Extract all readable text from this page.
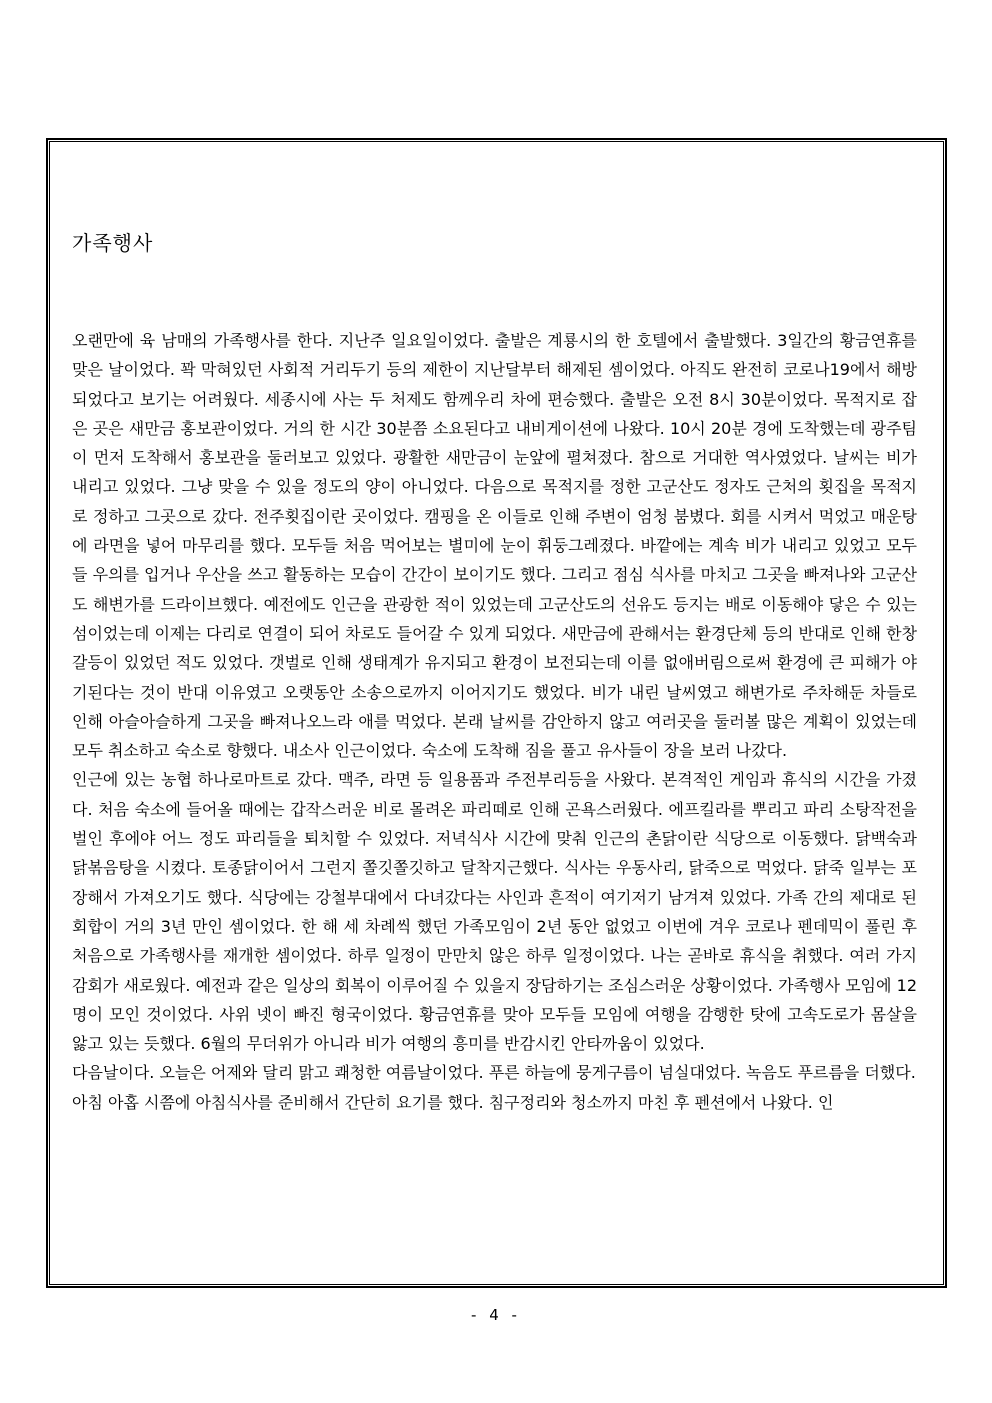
가족행사

오랜만에 육 남매의 가족행사를 한다. 지난주 일요일이었다. 출발은 계룡시의 한 호텔에서 출발했다. 3일간의 황금연휴를 맞은 날이었다. 꽉 막혀있던 사회적 거리두기 등의 제한이 지난달부터 해제된 셈이었다. 아직도 완전히 코로나19에서 해방되었다고 보기는 어려웠다. 세종시에 사는 두 처제도 함께우리 차에 편승했다. 출발은 오전 8시 30분이었다. 목적지로 잡은 곳은 새만금 홍보관이었다. 거의 한 시간 30분쯤 소요된다고 내비게이션에 나왔다. 10시 20분 경에 도착했는데 광주팀이 먼저 도착해서 홍보관을 둘러보고 있었다. 광활한 새만금이 눈앞에 펼쳐졌다. 참으로 거대한 역사였었다. 날씨는 비가 내리고 있었다. 그냥 맞을 수 있을 정도의 양이 아니었다. 다음으로 목적지를 정한 고군산도 정자도 근처의 횟집을 목적지로 정하고 그곳으로 갔다. 전주횟집이란 곳이었다. 캠핑을 온 이들로 인해 주변이 엄청 붐볐다. 회를 시켜서 먹었고 매운탕에 라면을 넣어 마무리를 했다. 모두들 처음 먹어보는 별미에 눈이 휘둥그레졌다. 바깥에는 계속 비가 내리고 있었고 모두들 우의를 입거나 우산을 쓰고 활동하는 모습이 간간이 보이기도 했다. 그리고 점심 식사를 마치고 그곳을 빠져나와 고군산도 해변가를 드라이브했다. 예전에도 인근을 관광한 적이 있었는데 고군산도의 선유도 등지는 배로 이동해야 닿은 수 있는 섬이었는데 이제는 다리로 연결이 되어 차로도 들어갈 수 있게 되었다. 새만금에 관해서는 환경단체 등의 반대로 인해 한창 갈등이 있었던 적도 있었다. 갯벌로 인해 생태계가 유지되고 환경이 보전되는데 이를 없애버림으로써 환경에 큰 피해가 야기된다는 것이 반대 이유였고 오랫동안 소송으로까지 이어지기도 했었다. 비가 내린 날씨였고 해변가로 주차해둔 차들로 인해 아슬아슬하게 그곳을 빠져나오느라 애를 먹었다. 본래 날씨를 감안하지 않고 여러곳을 둘러볼 많은 계획이 있었는데 모두 취소하고 숙소로 향했다. 내소사 인근이었다. 숙소에 도착해 짐을 풀고 유사들이 장을 보러 나갔다.

인근에 있는 농협 하나로마트로 갔다. 맥주, 라면 등 일용품과 주전부리등을 사왔다. 본격적인 게임과 휴식의 시간을 가졌다. 처음 숙소에 들어올 때에는 갑작스러운 비로 몰려온 파리떼로 인해 곤욕스러웠다. 에프킬라를 뿌리고 파리 소탕작전을 벌인 후에야 어느 정도 파리들을 퇴치할 수 있었다. 저녁식사 시간에 맞춰 인근의 촌닭이란 식당으로 이동했다. 닭백숙과 닭볶음탕을 시켰다. 토종닭이어서 그런지 쫄깃쫄깃하고 달착지근했다. 식사는 우동사리, 닭죽으로 먹었다. 닭죽 일부는 포장해서 가져오기도 했다. 식당에는 강철부대에서 다녀갔다는 사인과 흔적이 여기저기 남겨져 있었다. 가족 간의 제대로 된 회합이 거의 3년 만인 셈이었다. 한 해 세 차례씩 했던 가족모임이 2년 동안 없었고 이번에 겨우 코로나 펜데믹이 풀린 후 처음으로 가족행사를 재개한 셈이었다. 하루 일정이 만만치 않은 하루 일정이었다. 나는 곧바로 휴식을 취했다. 여러 가지 감회가 새로웠다. 예전과 같은 일상의 회복이 이루어질 수 있을지 장담하기는 조심스러운 상황이었다. 가족행사 모임에 12명이 모인 것이었다. 사위 넷이 빠진 형국이었다. 황금연휴를 맞아 모두들 모임에 여행을 감행한 탓에 고속도로가 몸살을 앓고 있는 듯했다. 6월의 무더위가 아니라 비가 여행의 흥미를 반감시킨 안타까움이 있었다.

다음날이다. 오늘은 어제와 달리 맑고 쾌청한 여름날이었다. 푸른 하늘에 뭉게구름이 넘실대었다. 녹음도 푸르름을 더했다.

아침 아홉 시쯤에 아침식사를 준비해서 간단히 요기를 했다. 침구정리와 청소까지 마친 후 펜션에서 나왔다. 인

- 4 -
